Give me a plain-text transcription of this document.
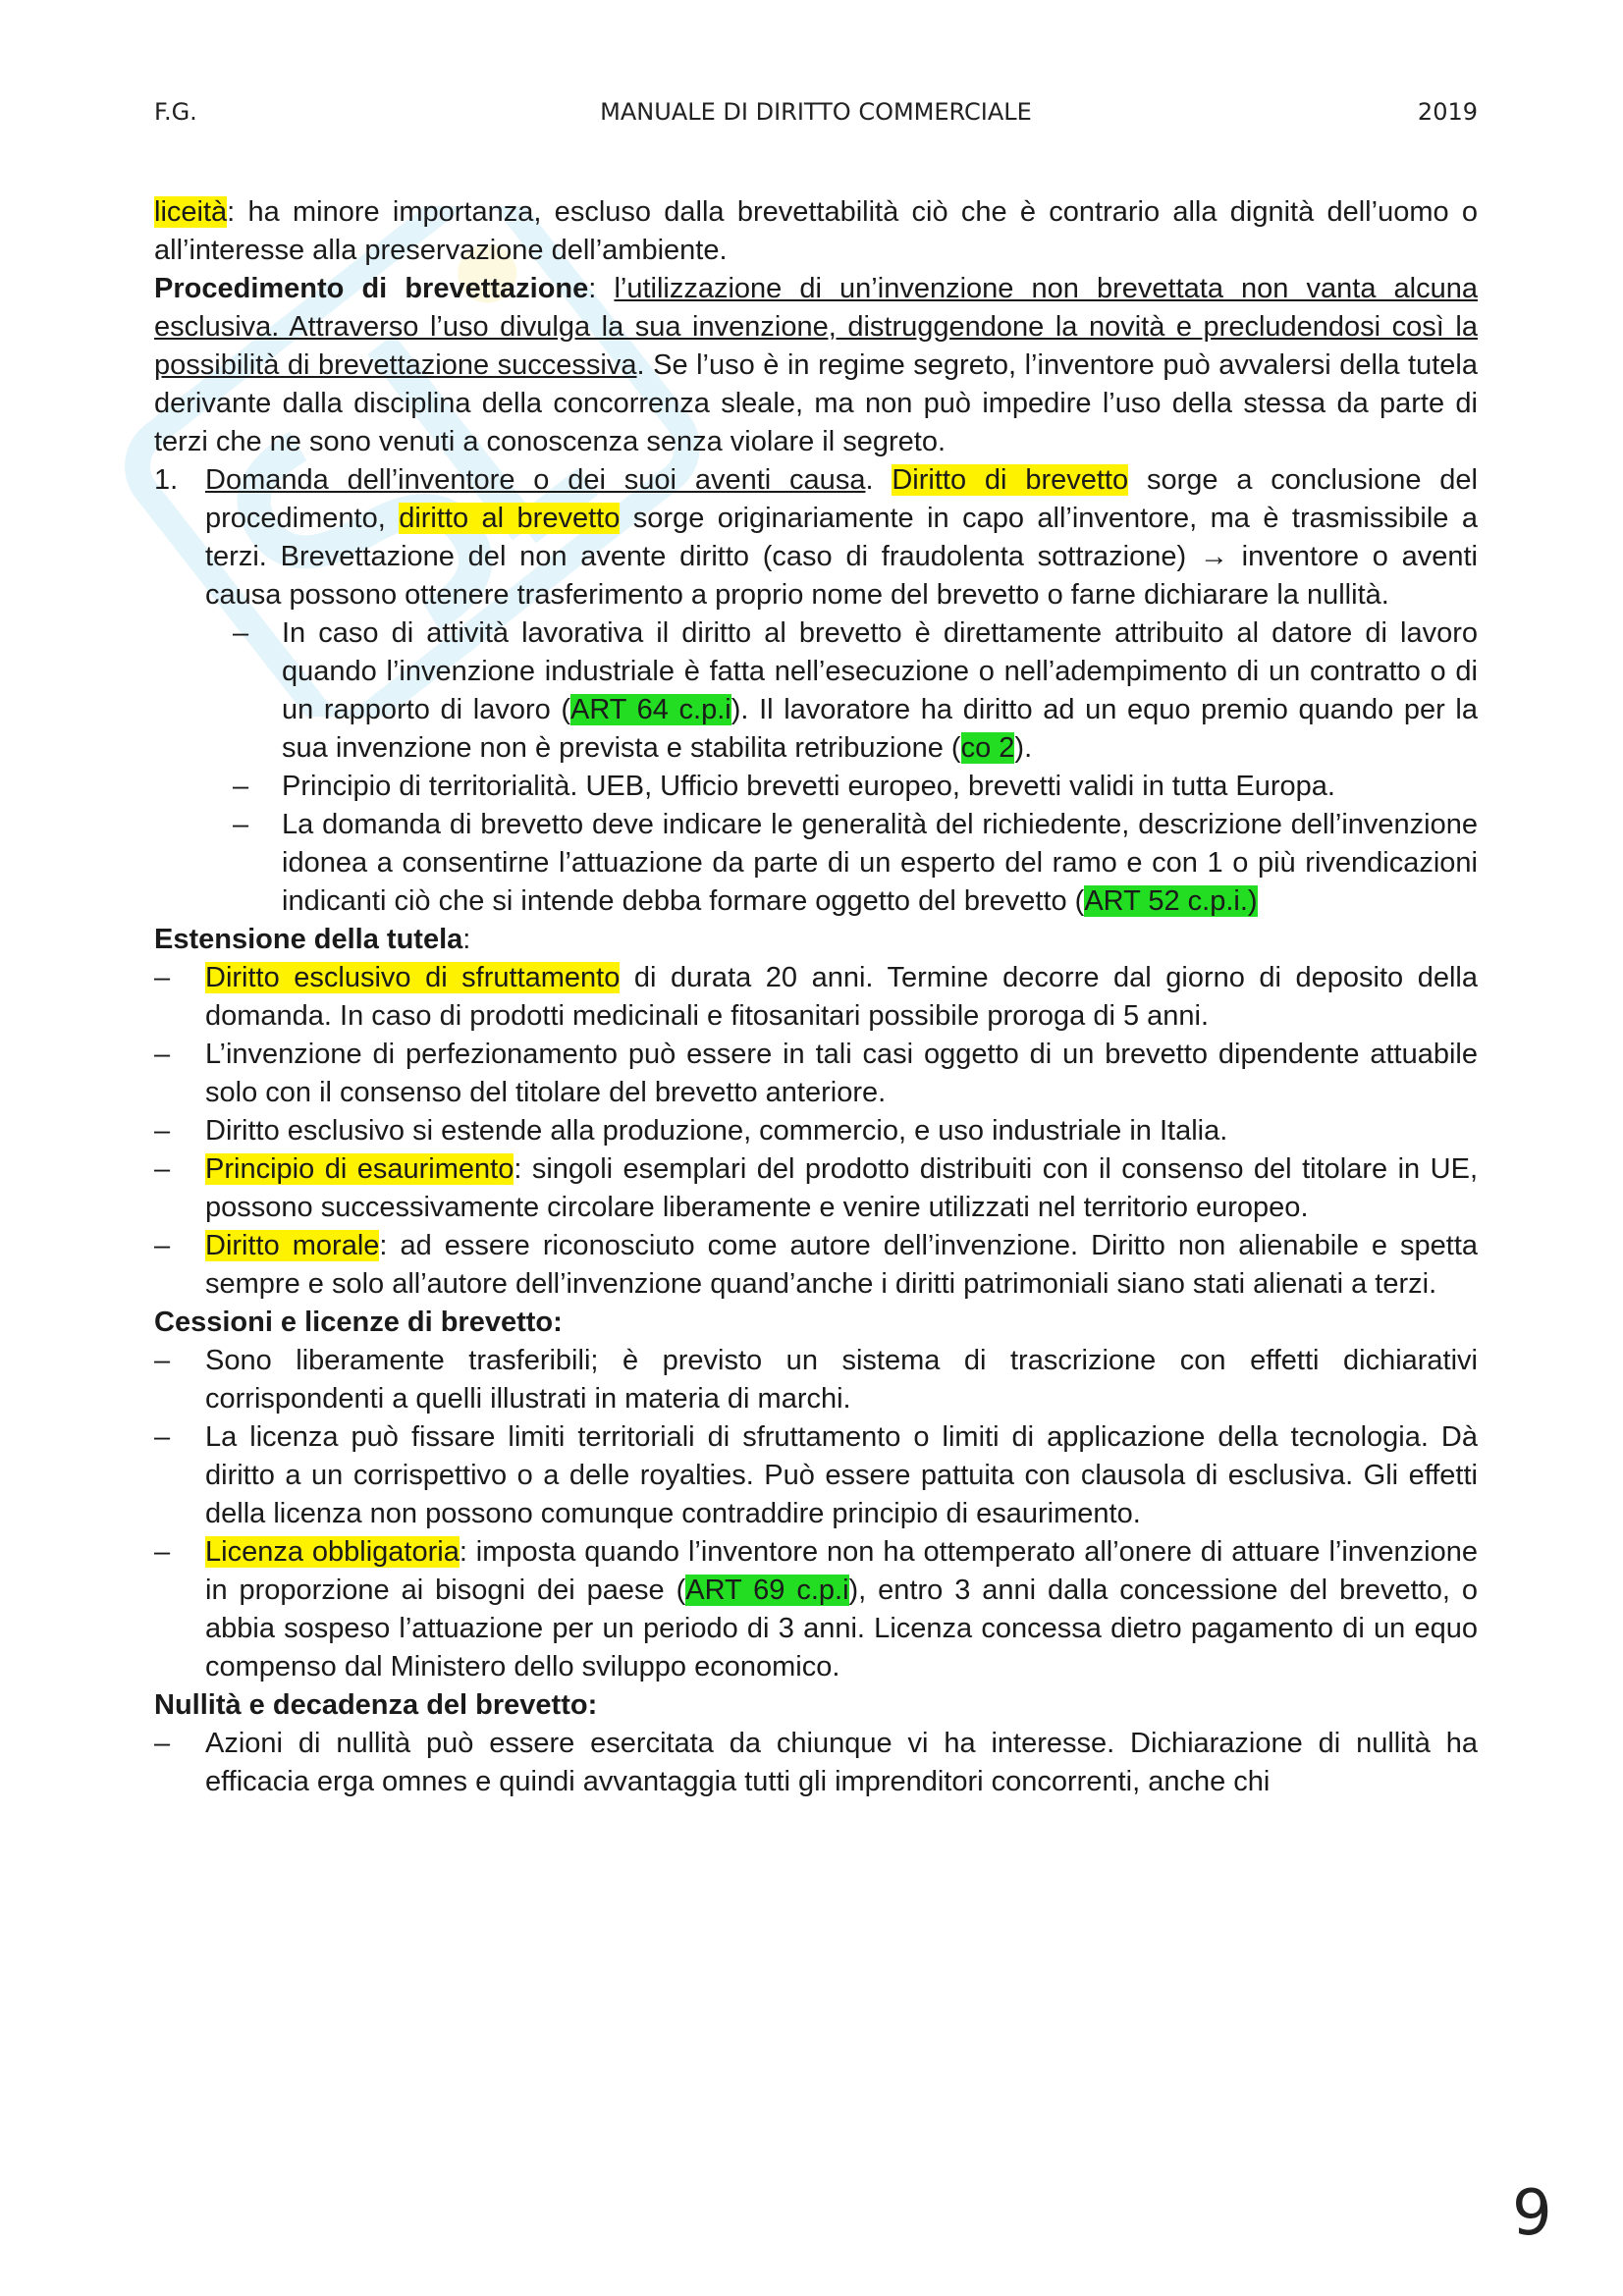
F.G.	MANUALE DI DIRITTO COMMERCIALE	2019

liceità: ha minore importanza, escluso dalla brevettabilità ciò che è contrario alla dignità dell’uomo o all’interesse alla preservazione dell’ambiente.

Procedimento di brevettazione: l’utilizzazione di un’invenzione non brevettata non vanta alcuna esclusiva. Attraverso l’uso divulga la sua invenzione, distruggendone la novità e precludendosi così la possibilità di brevettazione successiva. Se l’uso è in regime segreto, l’inventore può avvalersi della tutela derivante dalla disciplina della concorrenza sleale, ma non può impedire l’uso della stessa da parte di terzi che ne sono venuti a conoscenza senza violare il segreto.

1. Domanda dell’inventore o dei suoi aventi causa. Diritto di brevetto sorge a conclusione del procedimento, diritto al brevetto sorge originariamente in capo all’inventore, ma è trasmissibile a terzi. Brevettazione del non avente diritto (caso di fraudolenta sottrazione) → inventore o aventi causa possono ottenere trasferimento a proprio nome del brevetto o farne dichiarare la nullità.
–	In caso di attività lavorativa il diritto al brevetto è direttamente attribuito al datore di lavoro quando l’invenzione industriale è fatta nell’esecuzione o nell’adempimento di un contratto o di un rapporto di lavoro (ART 64 c.p.i). Il lavoratore ha diritto ad un equo premio quando per la sua invenzione non è prevista e stabilita retribuzione (co 2).
–	Principio di territorialità. UEB, Ufficio brevetti europeo, brevetti validi in tutta Europa.
–	La domanda di brevetto deve indicare le generalità del richiedente, descrizione dell’invenzione idonea a consentirne l’attuazione da parte di un esperto del ramo e con 1 o più rivendicazioni indicanti ciò che si intende debba formare oggetto del brevetto (ART 52 c.p.i.)

Estensione della tutela:

–	Diritto esclusivo di sfruttamento di durata 20 anni. Termine decorre dal giorno di deposito della domanda. In caso di prodotti medicinali e fitosanitari possibile proroga di 5 anni.
–	L’invenzione di perfezionamento può essere in tali casi oggetto di un brevetto dipendente attuabile solo con il consenso del titolare del brevetto anteriore.
–	Diritto esclusivo si estende alla produzione, commercio, e uso industriale in Italia.
–	Principio di esaurimento: singoli esemplari del prodotto distribuiti con il consenso del titolare in UE, possono successivamente circolare liberamente e venire utilizzati nel territorio europeo.
–	Diritto morale: ad essere riconosciuto come autore dell’invenzione. Diritto non alienabile e spetta sempre e solo all’autore dell’invenzione quand’anche i diritti patrimoniali siano stati alienati a terzi.

Cessioni e licenze di brevetto:

–	Sono liberamente trasferibili; è previsto un sistema di trascrizione con effetti dichiarativi corrispondenti a quelli illustrati in materia di marchi.
–	La licenza può fissare limiti territoriali di sfruttamento o limiti di applicazione della tecnologia. Dà diritto a un corrispettivo o a delle royalties. Può essere pattuita con clausola di esclusiva. Gli effetti della licenza non possono comunque contraddire principio di esaurimento.
–	Licenza obbligatoria: imposta quando l’inventore non ha ottemperato all’onere di attuare l’invenzione in proporzione ai bisogni dei paese (ART 69 c.p.i), entro 3 anni dalla concessione del brevetto, o abbia sospeso l’attuazione per un periodo di 3 anni. Licenza concessa dietro pagamento di un equo compenso dal Ministero dello sviluppo economico.

Nullità e decadenza del brevetto:

–	Azioni di nullità può essere esercitata da chiunque vi ha interesse. Dichiarazione di nullità ha efficacia erga omnes e quindi avvantaggia tutti gli imprenditori concorrenti, anche chi
9
